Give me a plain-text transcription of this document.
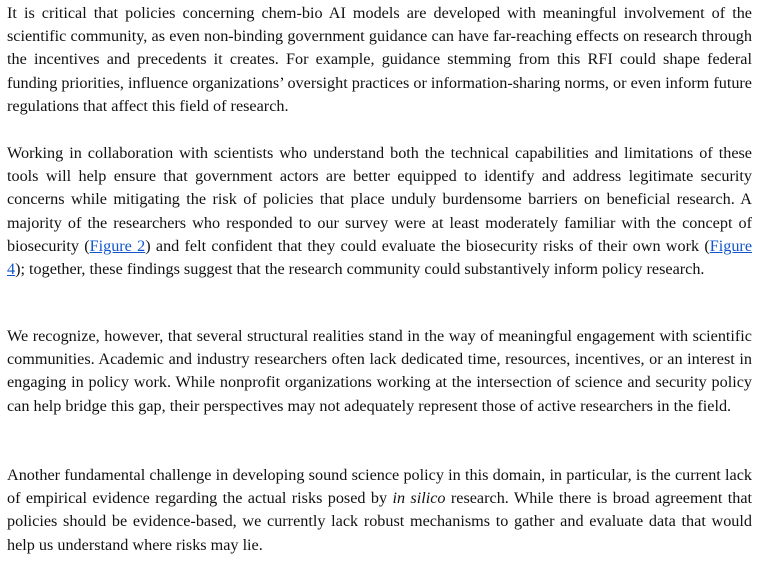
It is critical that policies concerning chem-bio AI models are developed with meaningful involvement of the scientific community, as even non-binding government guidance can have far-reaching effects on research through the incentives and precedents it creates. For example, guidance stemming from this RFI could shape federal funding priorities, influence organizations’ oversight practices or information-sharing norms, or even inform future regulations that affect this field of research.

Working in collaboration with scientists who understand both the technical capabilities and limitations of these tools will help ensure that government actors are better equipped to identify and address legitimate security concerns while mitigating the risk of policies that place unduly burdensome barriers on beneficial research. A majority of the researchers who responded to our survey were at least moderately familiar with the concept of biosecurity (Figure 2) and felt confident that they could evaluate the biosecurity risks of their own work (Figure 4); together, these findings suggest that the research community could substantively inform policy research.

We recognize, however, that several structural realities stand in the way of meaningful engagement with scientific communities. Academic and industry researchers often lack dedicated time, resources, incentives, or an interest in engaging in policy work. While nonprofit organizations working at the intersection of science and security policy can help bridge this gap, their perspectives may not adequately represent those of active researchers in the field.

Another fundamental challenge in developing sound science policy in this domain, in particular, is the current lack of empirical evidence regarding the actual risks posed by in silico research. While there is broad agreement that policies should be evidence-based, we currently lack robust mechanisms to gather and evaluate data that would help us understand where risks may lie.
